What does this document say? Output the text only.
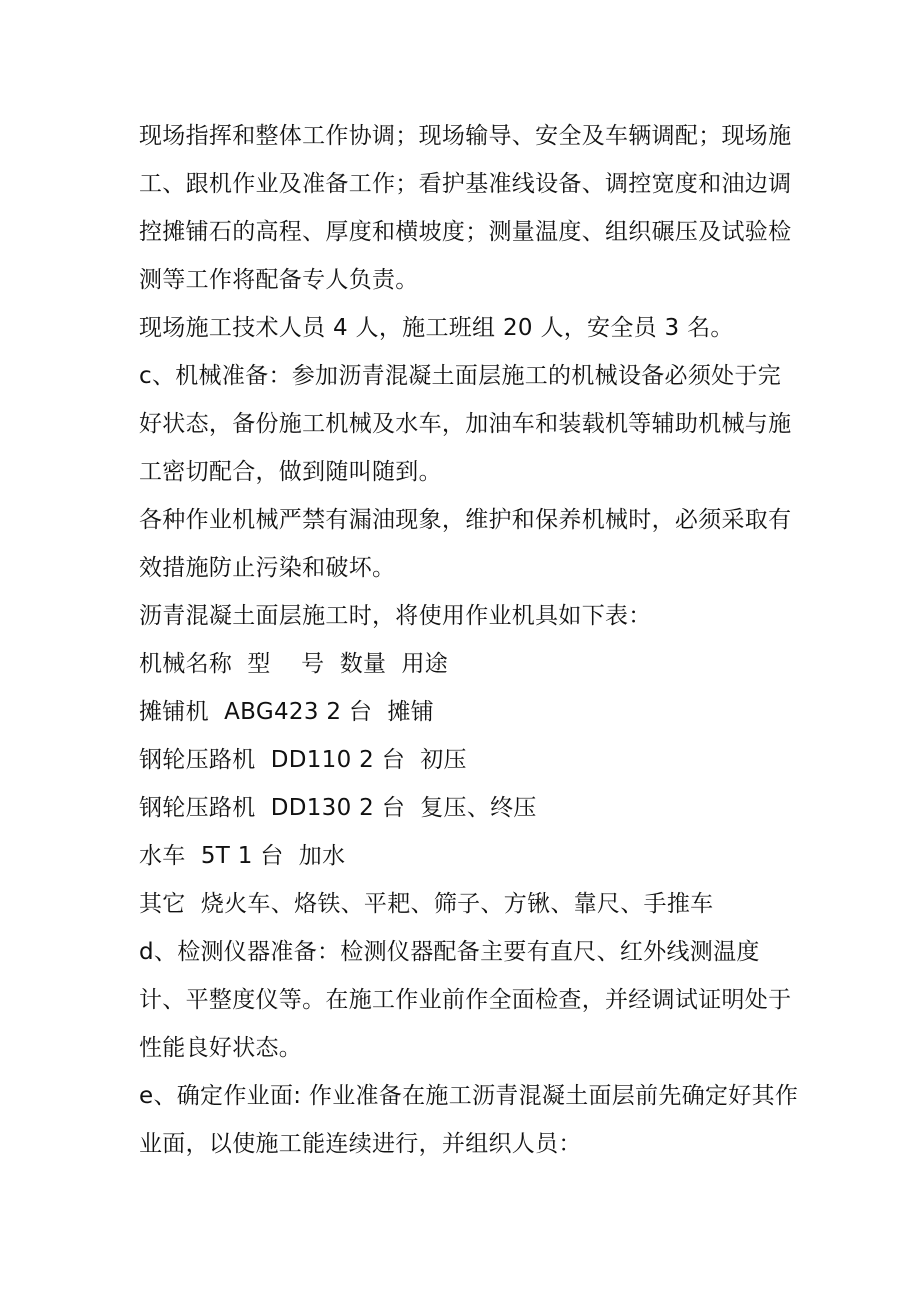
现场指挥和整体工作协调；现场输导、安全及车辆调配；现场施工、跟机作业及准备工作；看护基准线设备、调控宽度和油边调控摊铺石的高程、厚度和横坡度；测量温度、组织碾压及试验检测等工作将配备专人负责。

现场施工技术人员 4 人，施工班组 20 人，安全员 3 名。

c、机械准备：参加沥青混凝土面层施工的机械设备必须处于完好状态，备份施工机械及水车，加油车和装载机等辅助机械与施工密切配合，做到随叫随到。

各种作业机械严禁有漏油现象，维护和保养机械时，必须采取有效措施防止污染和破坏。

沥青混凝土面层施工时，将使用作业机具如下表：

机械名称  型    号  数量  用途
摊铺机  ABG423 2 台  摊铺
钢轮压路机  DD110 2 台  初压
钢轮压路机  DD130 2 台  复压、终压
水车  5T 1 台  加水
其它  烧火车、烙铁、平耙、筛子、方锹、靠尺、手推车

d、检测仪器准备：检测仪器配备主要有直尺、红外线测温度计、平整度仪等。在施工作业前作全面检查，并经调试证明处于性能良好状态。

e、确定作业面: 作业准备在施工沥青混凝土面层前先确定好其作业面，以使施工能连续进行，并组织人员：
